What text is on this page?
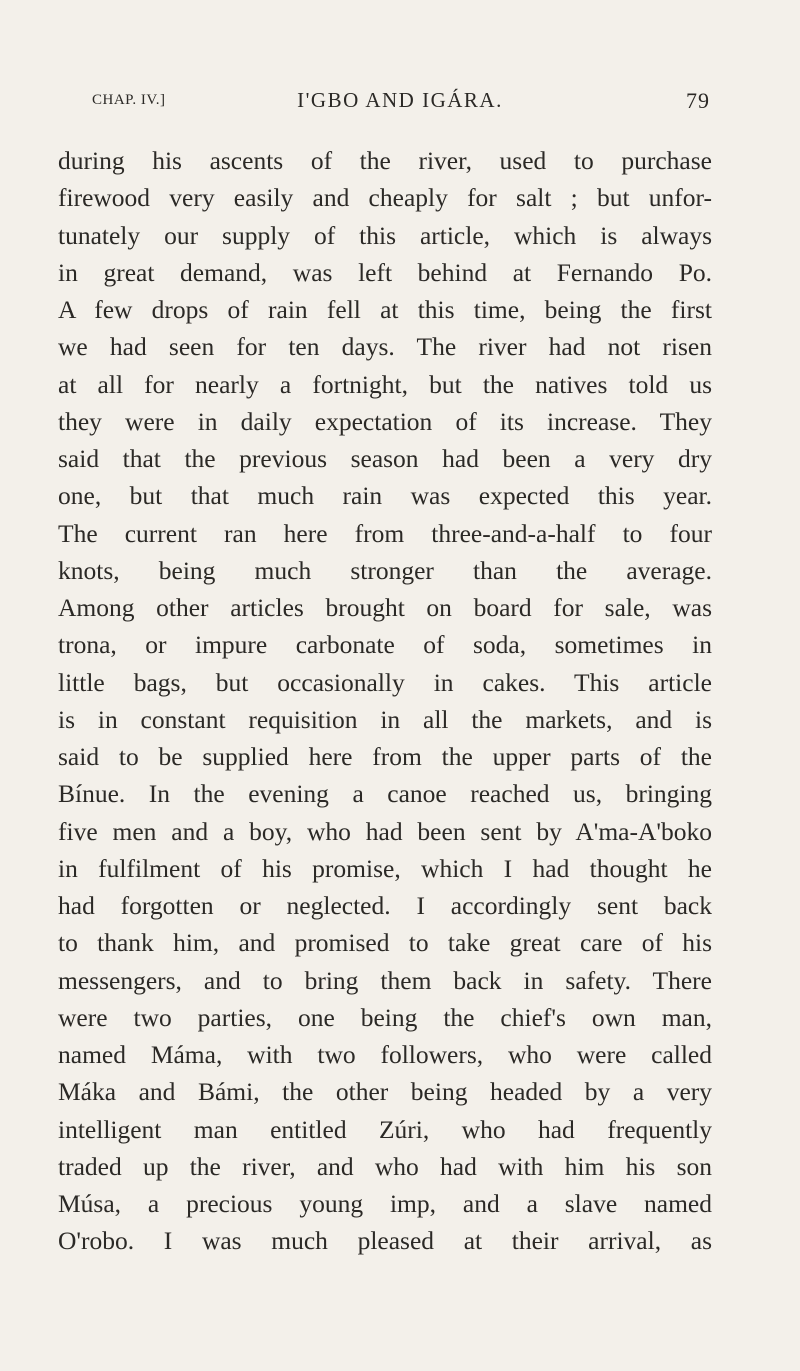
CHAP. IV.]	I'GBO AND IGÁRA.	79
during his ascents of the river, used to purchase
firewood very easily and cheaply for salt ; but unfor-
tunately our supply of this article, which is always
in great demand, was left behind at Fernando Po.
A few drops of rain fell at this time, being the first
we had seen for ten days. The river had not risen
at all for nearly a fortnight, but the natives told us
they were in daily expectation of its increase. They
said that the previous season had been a very dry
one, but that much rain was expected this year.
The current ran here from three-and-a-half to four
knots, being much stronger than the average.
Among other articles brought on board for sale, was
trona, or impure carbonate of soda, sometimes in
little bags, but occasionally in cakes. This article
is in constant requisition in all the markets, and is
said to be supplied here from the upper parts of the
Bínue. In the evening a canoe reached us, bringing
five men and a boy, who had been sent by A'ma-A'boko
in fulfilment of his promise, which I had thought he
had forgotten or neglected. I accordingly sent back
to thank him, and promised to take great care of his
messengers, and to bring them back in safety. There
were two parties, one being the chief's own man,
named Máma, with two followers, who were called
Máka and Bámi, the other being headed by a very
intelligent man entitled Zúri, who had frequently
traded up the river, and who had with him his son
Músa, a precious young imp, and a slave named
O'robo. I was much pleased at their arrival, as
